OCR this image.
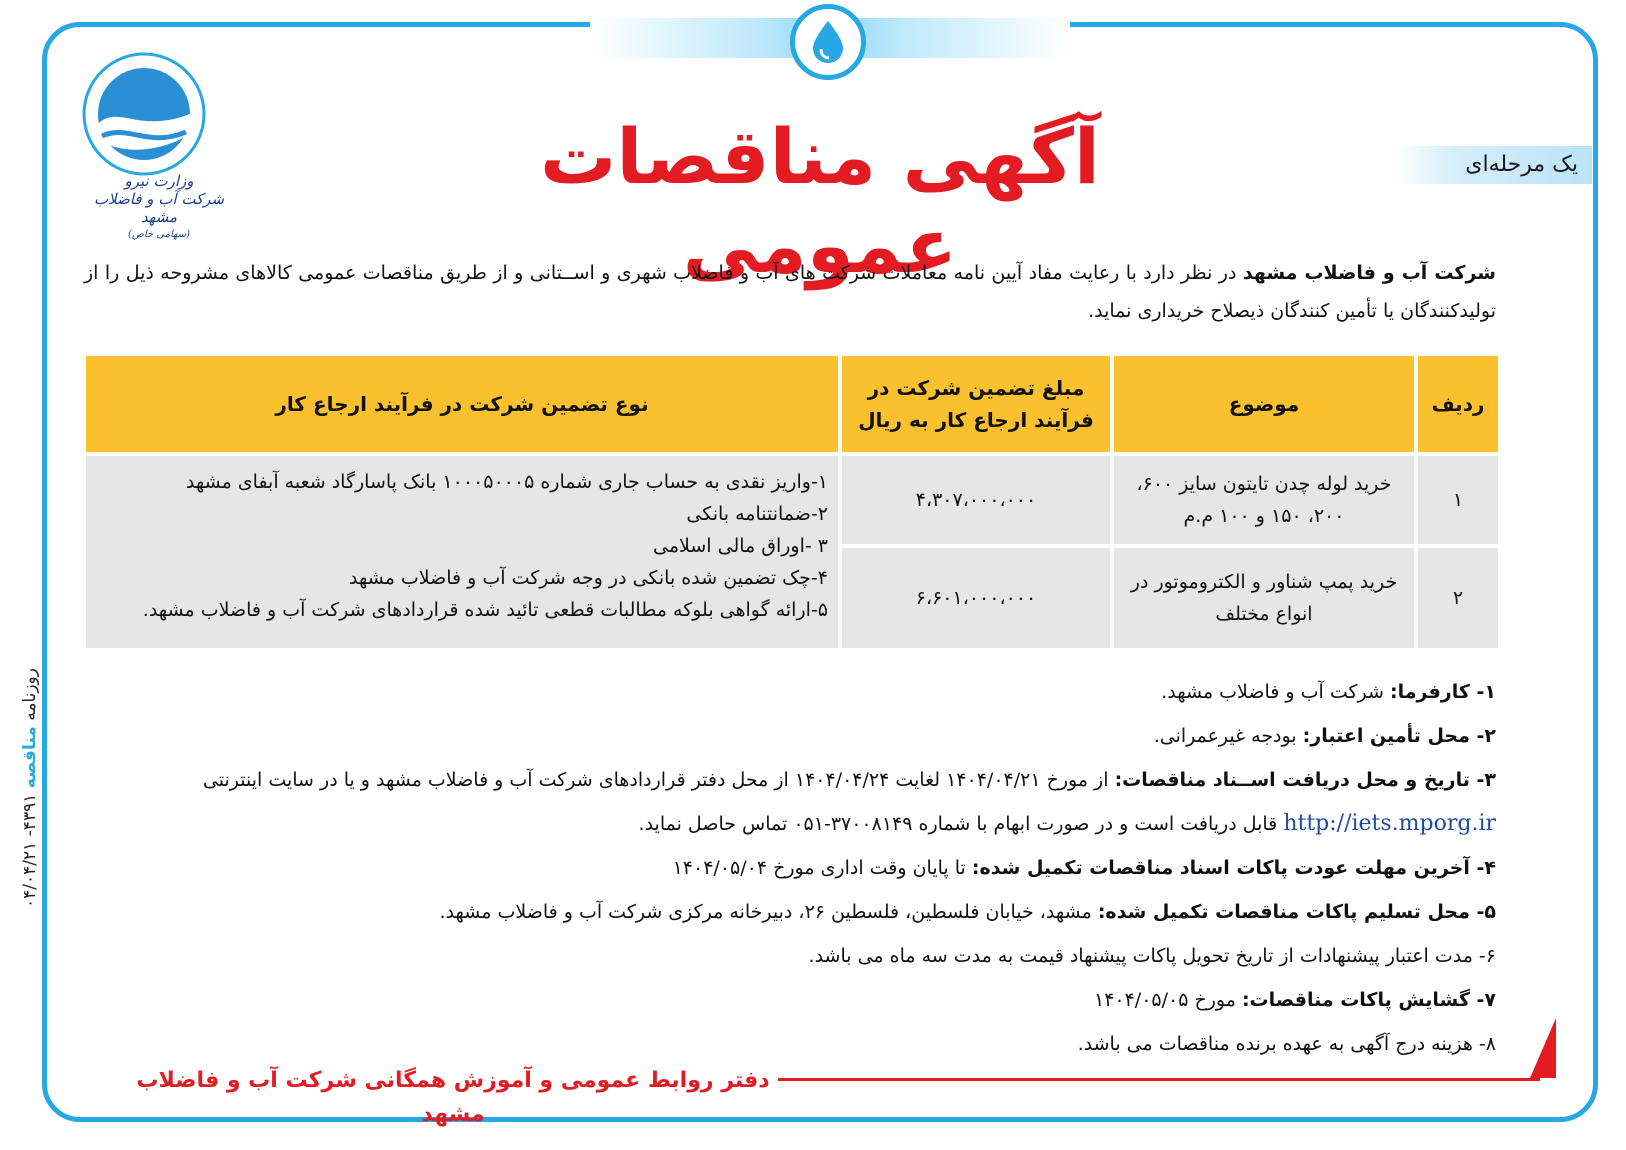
وزارت نیرو
شرکت آب و فاضلاب مشهد
(سهامی خاص)
آگهی مناقصات عمومی
یک مرحله‌ای
شرکت آب و فاضلاب مشهد در نظر دارد با رعایت مفاد آیین نامه معاملات شرکت های آب و فاضلاب شهری و اســتانی و از طریق مناقصات عمومی کالاهای مشروحه ذیل را از تولیدکنندگان یا تأمین کنندگان ذیصلاح خریداری نماید.
ردیف	موضوع	مبلغ تضمین شرکت در فرآیند ارجاع کار به ریال	نوع تضمین شرکت در فرآیند ارجاع کار
۱	خرید لوله چدن تایتون سایز ۶۰۰، ۲۰۰، ۱۵۰ و ۱۰۰ م.م	۴،۳۰۷،۰۰۰،۰۰۰	۱-واریز نقدی به حساب جاری شماره ۱۰۰۰۵۰۰۰۵ بانک پاسارگاد شعبه آبفای مشهد
۲-ضمانتنامه بانکی
۳ -اوراق مالی اسلامی
۴-چک تضمین شده بانکی در وجه شرکت آب و فاضلاب مشهد
۵-ارائه گواهی بلوکه مطالبات قطعی تائید شده قراردادهای شرکت آب و فاضلاب مشهد.

۲	خرید پمپ شناور و الکتروموتور در انواع مختلف	۶،۶۰۱،۰۰۰،۰۰۰	
۱- کارفرما: شرکت آب و فاضلاب مشهد.
۲- محل تأمین اعتبار: بودجه غیرعمرانی.
۳- تاریخ و محل دریافت اســناد مناقصات: از مورخ ۱۴۰۴/۰۴/۲۱ لغایت ۱۴۰۴/۰۴/۲۴ از محل دفتر قراردادهای شرکت آب و فاضلاب مشهد و یا در سایت اینترنتی
http://iets.mporg.ir قابل دریافت است و در صورت ابهام با شماره ۳۷۰۰۸۱۴۹-۰۵۱ تماس حاصل نماید.
۴- آخرین مهلت عودت پاکات اسناد مناقصات تکمیل شده: تا پایان وقت اداری مورخ ۱۴۰۴/۰۵/۰۴
۵- محل تسلیم پاکات مناقصات تکمیل شده: مشهد، خیابان فلسطین، فلسطین ۲۶، دبیرخانه مرکزی شرکت آب و فاضلاب مشهد.
۶- مدت اعتبار پیشنهادات از تاریخ تحویل پاکات پیشنهاد قیمت به مدت سه ماه می باشد.
۷- گشایش پاکات مناقصات: مورخ ۱۴۰۴/۰۵/۰۵
۸- هزینه درج آگهی به عهده برنده مناقصات می باشد.
دفتر روابط عمومی و آموزش همگانی شرکت آب و فاضلاب مشهد
روزنامه مناقصه ۴۳۹۱- ۰۴/۰۴/۲۱
